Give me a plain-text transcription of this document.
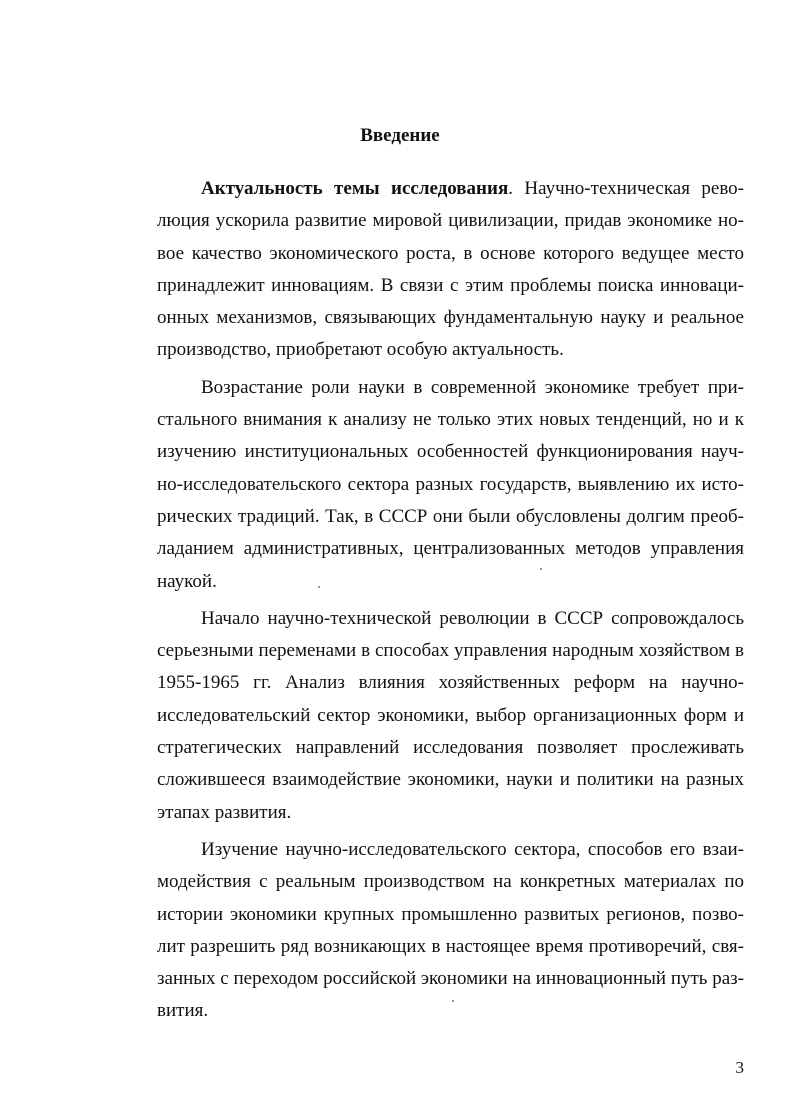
Введение

Актуальность темы исследования. Научно-техническая рево-
люция ускорила развитие мировой цивилизации, придав экономике но-
вое качество экономического роста, в основе которого ведущее место
принадлежит инновациям. В связи с этим проблемы поиска инновaци-
онных механизмов, связывающих фундаментальную науку и реальное
производство, приобретают особую актуальность.

Возрастание роли науки в современной экономике требует при-
стального внимания к анализу не только этих новых тенденций, но и к
изучению институциональных особенностей функционирования науч-
но-исследовательского сектора разных государств, выявлению их исто-
рических традиций. Так, в СССР они были обусловлены долгим преоб-
ладанием административных, централизованных методов управления
наукой.

Начало научно-технической революции в СССР сопровождалось
серьезными переменами в способах управления народным хозяйством в
1955-1965 гг. Анализ влияния хозяйственных реформ на научно-
исследовательский сектор экономики, выбор организационных форм и
стратегических направлений исследования позволяет прослеживать
сложившееся взаимодействие экономики, науки и политики на разных
этапах развития.

Изучение научно-исследовательского сектора, способов его взаи-
модействия с реальным производством на конкретных материалах по
истории экономики крупных промышленно развитых регионов, позво-
лит разрешить ряд возникающих в настоящее время противоречий, свя-
занных с переходом российской экономики на инновационный путь раз-
вития.

3
